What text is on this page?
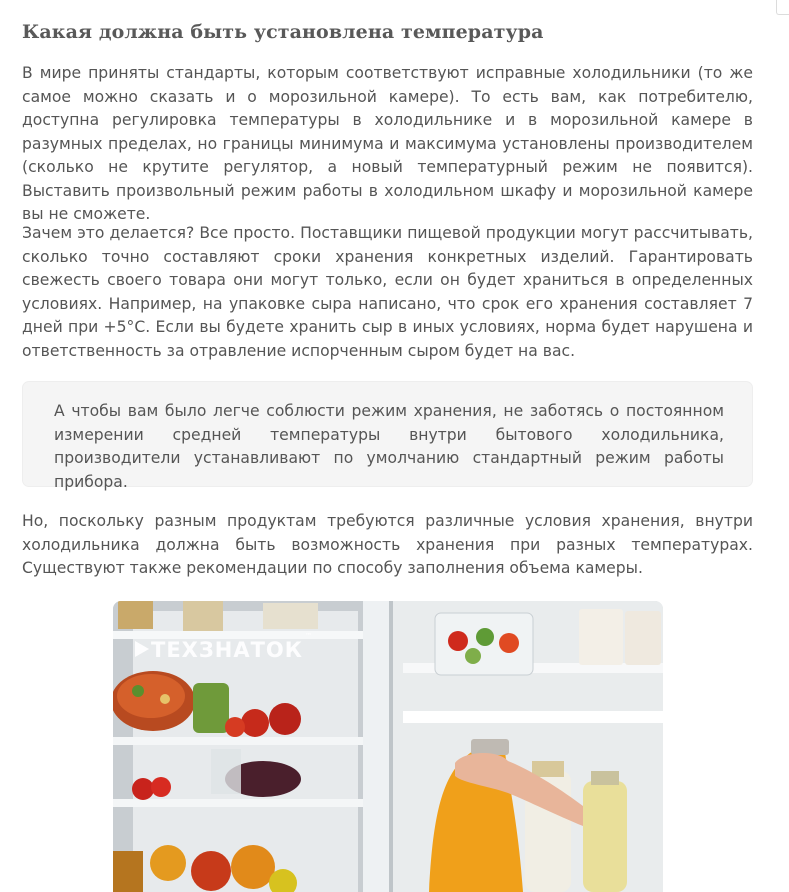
Какая должна быть установлена температура

В мире приняты стандарты, которым соответствуют исправные холодильники (то же самое можно сказать и о морозильной камере). То есть вам, как потребителю, доступна регулировка температуры в холодильнике и в морозильной камере в разумных пределах, но границы минимума и максимума установлены производителем (сколько не крутите регулятор, а новый температурный режим не появится). Выставить произвольный режим работы в холодильном шкафу и морозильной камере вы не сможете.

Зачем это делается? Все просто. Поставщики пищевой продукции могут рассчитывать, сколько точно составляют сроки хранения конкретных изделий. Гарантировать свежесть своего товара они могут только, если он будет храниться в определенных условиях. Например, на упаковке сыра написано, что срок его хранения составляет 7 дней при +5°C. Если вы будете хранить сыр в иных условиях, норма будет нарушена и ответственность за отравление испорченным сыром будет на вас.

А чтобы вам было легче соблюсти режим хранения, не заботясь о постоянном измерении средней температуры внутри бытового холодильника, производители устанавливают по умолчанию стандартный режим работы прибора.

Но, поскольку разным продуктам требуются различные условия хранения, внутри холодильника должна быть возможность хранения при разных температурах. Существуют также рекомендации по способу заполнения объема камеры.

ТЕХЗНАТОК
™
